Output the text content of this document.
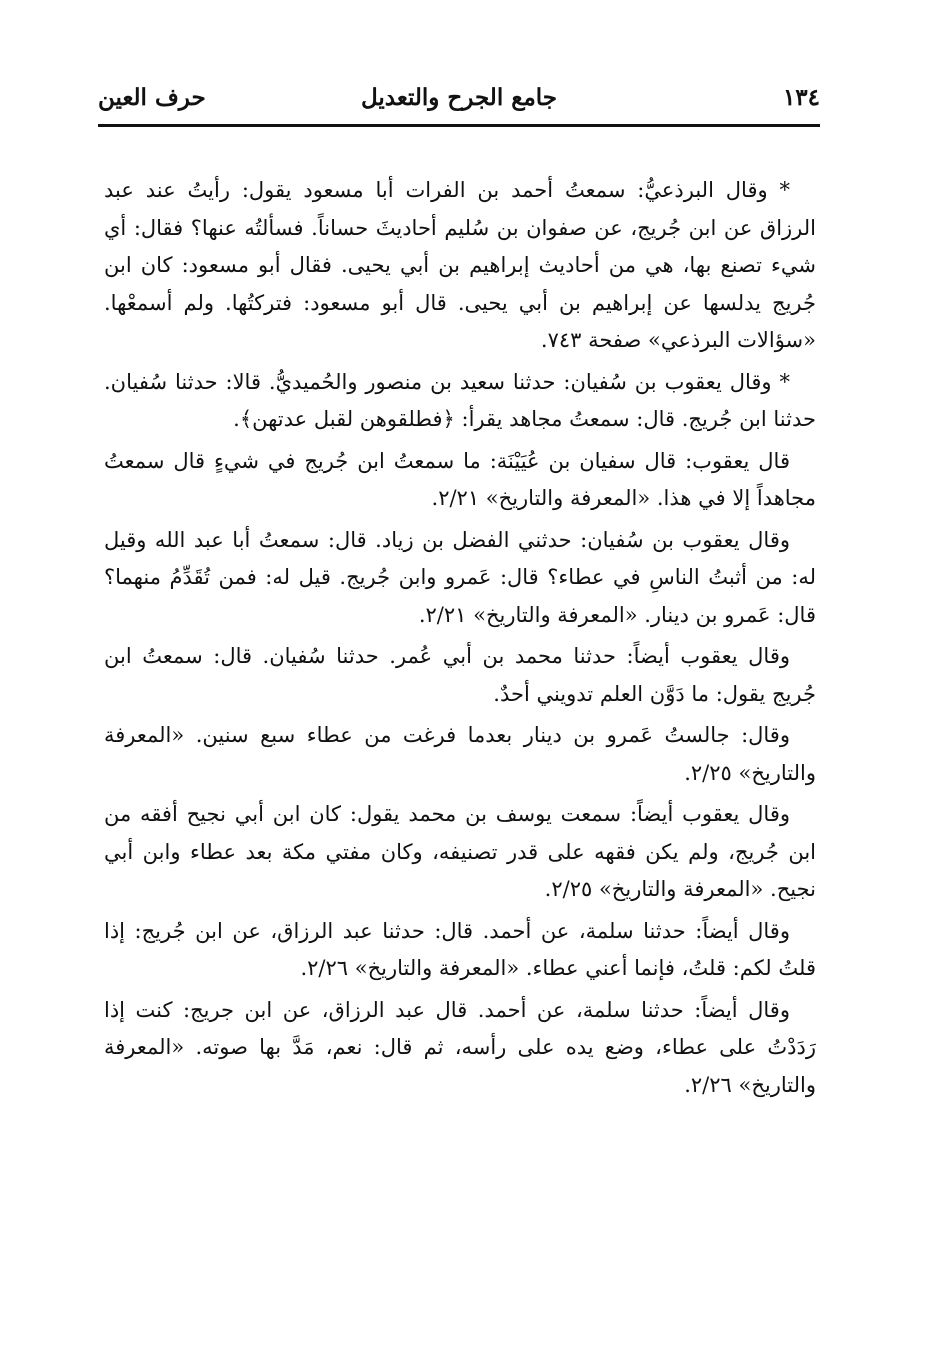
حرف العين	جامع الجرح والتعديل	١٣٤

* وقال البرذعيُّ: سمعتُ أحمد بن الفرات أبا مسعود يقول: رأيتُ عند عبد الرزاق عن ابن جُريج، عن صفوان بن سُليم أحاديثَ حساناً. فسألتُه عنها؟ فقال: أي شيء تصنع بها، هي من أحاديث إبراهيم بن أبي يحيى. فقال أبو مسعود: كان ابن جُريج يدلسها عن إبراهيم بن أبي يحيى. قال أبو مسعود: فتركتُها. ولم أسمعْها. «سؤالات البرذعي» صفحة ٧٤٣.

* وقال يعقوب بن سُفيان: حدثنا سعيد بن منصور والحُميديُّ. قالا: حدثنا سُفيان. حدثنا ابن جُريج. قال: سمعتُ مجاهد يقرأ: ﴿فطلقوهن لقبل عدتهن﴾.

قال يعقوب: قال سفيان بن عُيَيْنَة: ما سمعتُ ابن جُريج في شيءٍ قال سمعتُ مجاهداً إلا في هذا. «المعرفة والتاريخ» ٢/٢١.

وقال يعقوب بن سُفيان: حدثني الفضل بن زياد. قال: سمعتُ أبا عبد الله وقيل له: من أثبتُ الناسِ في عطاء؟ قال: عَمرو وابن جُريج. قيل له: فمن تُقَدِّمُ منهما؟ قال: عَمرو بن دينار. «المعرفة والتاريخ» ٢/٢١.

وقال يعقوب أيضاً: حدثنا محمد بن أبي عُمر. حدثنا سُفيان. قال: سمعتُ ابن جُريج يقول: ما دَوَّن العلم تدويني أحدٌ.

وقال: جالستُ عَمرو بن دينار بعدما فرغت من عطاء سبع سنين. «المعرفة والتاريخ» ٢/٢٥.

وقال يعقوب أيضاً: سمعت يوسف بن محمد يقول: كان ابن أبي نجيح أفقه من ابن جُريج، ولم يكن فقهه على قدر تصنيفه، وكان مفتي مكة بعد عطاء وابن أبي نجيح. «المعرفة والتاريخ» ٢/٢٥.

وقال أيضاً: حدثنا سلمة، عن أحمد. قال: حدثنا عبد الرزاق، عن ابن جُريج: إذا قلتُ لكم: قلتُ، فإنما أعني عطاء. «المعرفة والتاريخ» ٢/٢٦.

وقال أيضاً: حدثنا سلمة، عن أحمد. قال عبد الرزاق، عن ابن جريج: كنت إذا رَدَدْتُ على عطاء، وضع يده على رأسه، ثم قال: نعم، مَدَّ بها صوته. «المعرفة والتاريخ» ٢/٢٦.
